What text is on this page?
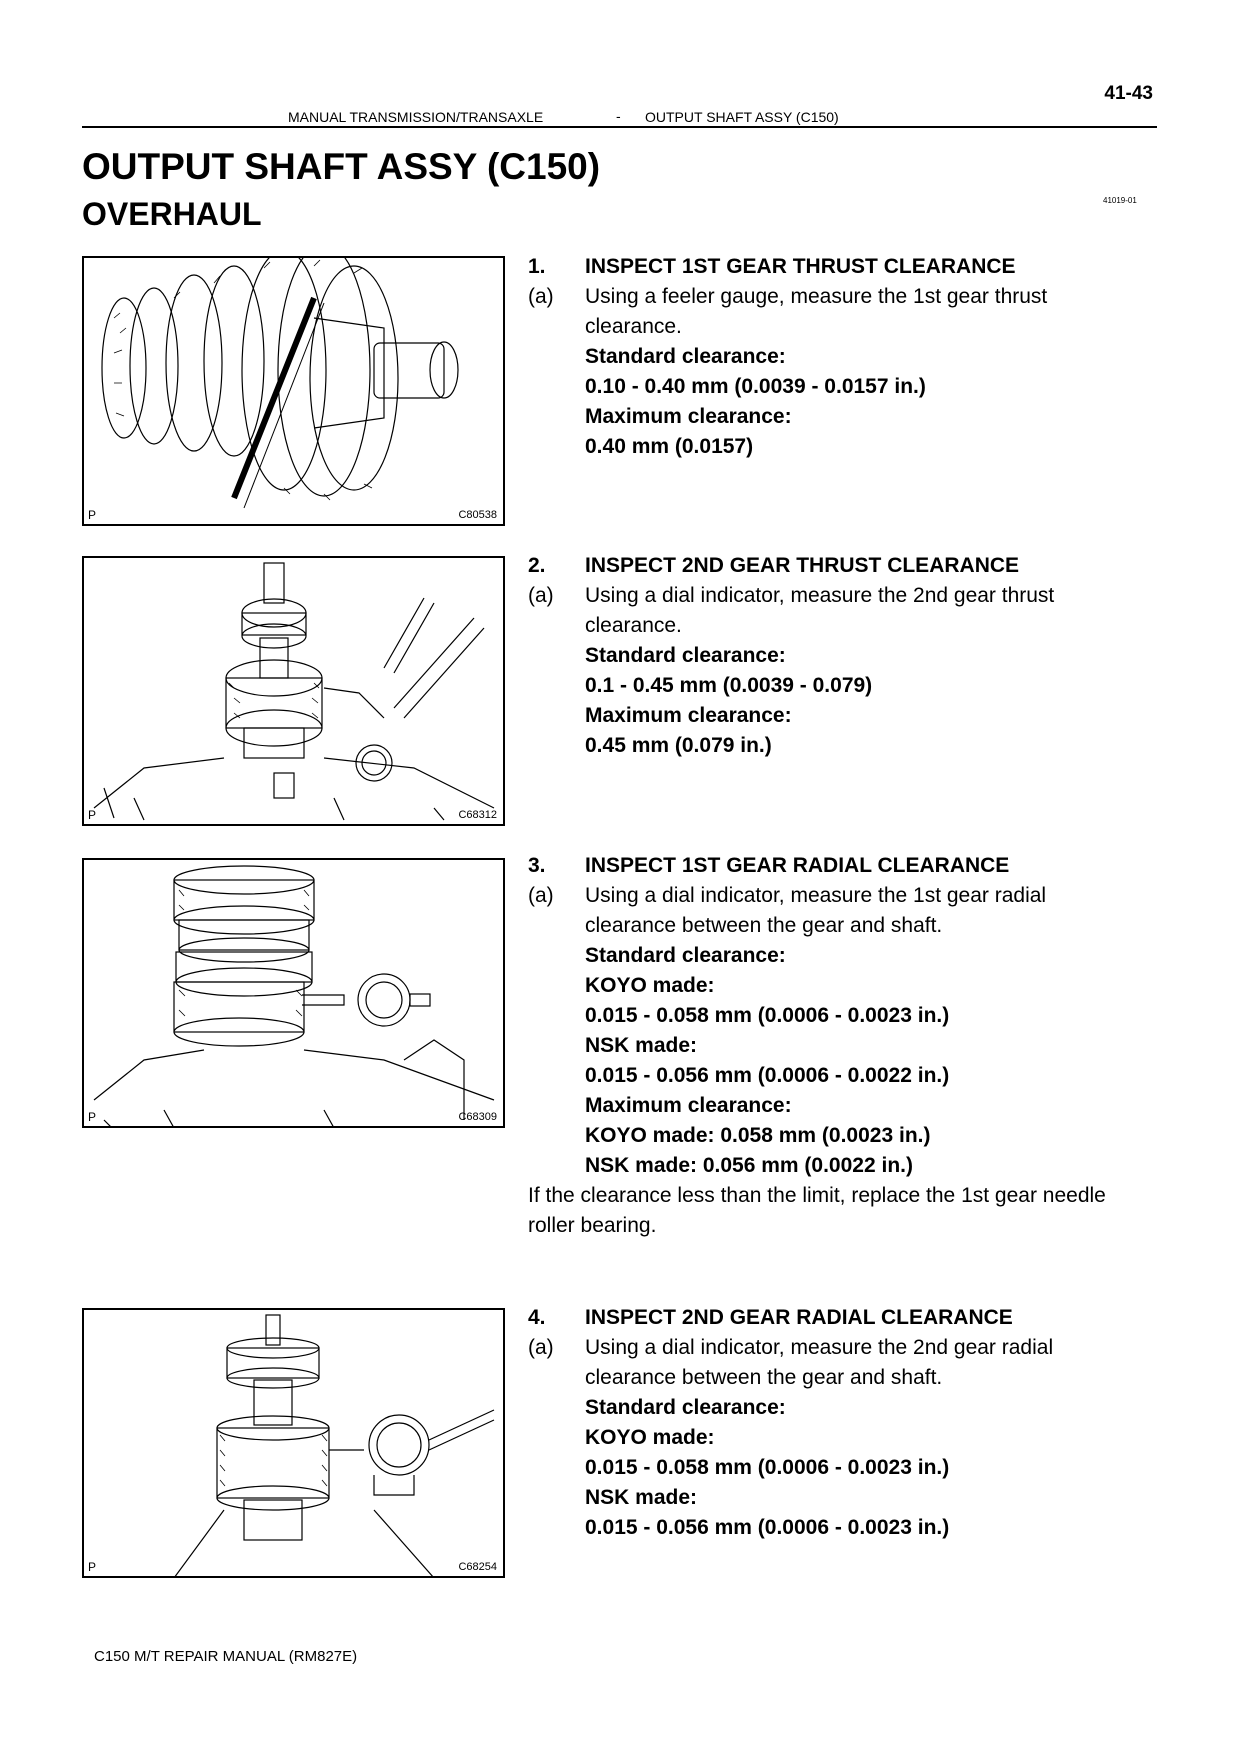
41-43
MANUAL TRANSMISSION/TRANSAXLE	- OUTPUT SHAFT ASSY (C150)
OUTPUT SHAFT ASSY (C150)
OVERHAUL	41019-01
P	C80538
P	C68312
P	C68309
P	C68254
1. INSPECT 1ST GEAR THRUST CLEARANCE
(a) Using a feeler gauge, measure the 1st gear thrust
clearance.
Standard clearance:
0.10 - 0.40 mm (0.0039 - 0.0157 in.)
Maximum clearance:
0.40 mm (0.0157)
2. INSPECT 2ND GEAR THRUST CLEARANCE
(a) Using a dial indicator, measure the 2nd gear thrust
clearance.
Standard clearance:
0.1 - 0.45 mm (0.0039 - 0.079)
Maximum clearance:
0.45 mm (0.079 in.)
3. INSPECT 1ST GEAR RADIAL CLEARANCE
(a) Using a dial indicator, measure the 1st gear radial
clearance between the gear and shaft.
Standard clearance:
KOYO made:
0.015 - 0.058 mm (0.0006 - 0.0023 in.)
NSK made:
0.015 - 0.056 mm (0.0006 - 0.0022 in.)
Maximum clearance:
KOYO made: 0.058 mm (0.0023 in.)
NSK made: 0.056 mm (0.0022 in.)
If the clearance less than the limit, replace the 1st gear needle
roller bearing.
4. INSPECT 2ND GEAR RADIAL CLEARANCE
(a) Using a dial indicator, measure the 2nd gear radial
clearance between the gear and shaft.
Standard clearance:
KOYO made:
0.015 - 0.058 mm (0.0006 - 0.0023 in.)
NSK made:
0.015 - 0.056 mm (0.0006 - 0.0023 in.)
C150 M/T REPAIR MANUAL (RM827E)
